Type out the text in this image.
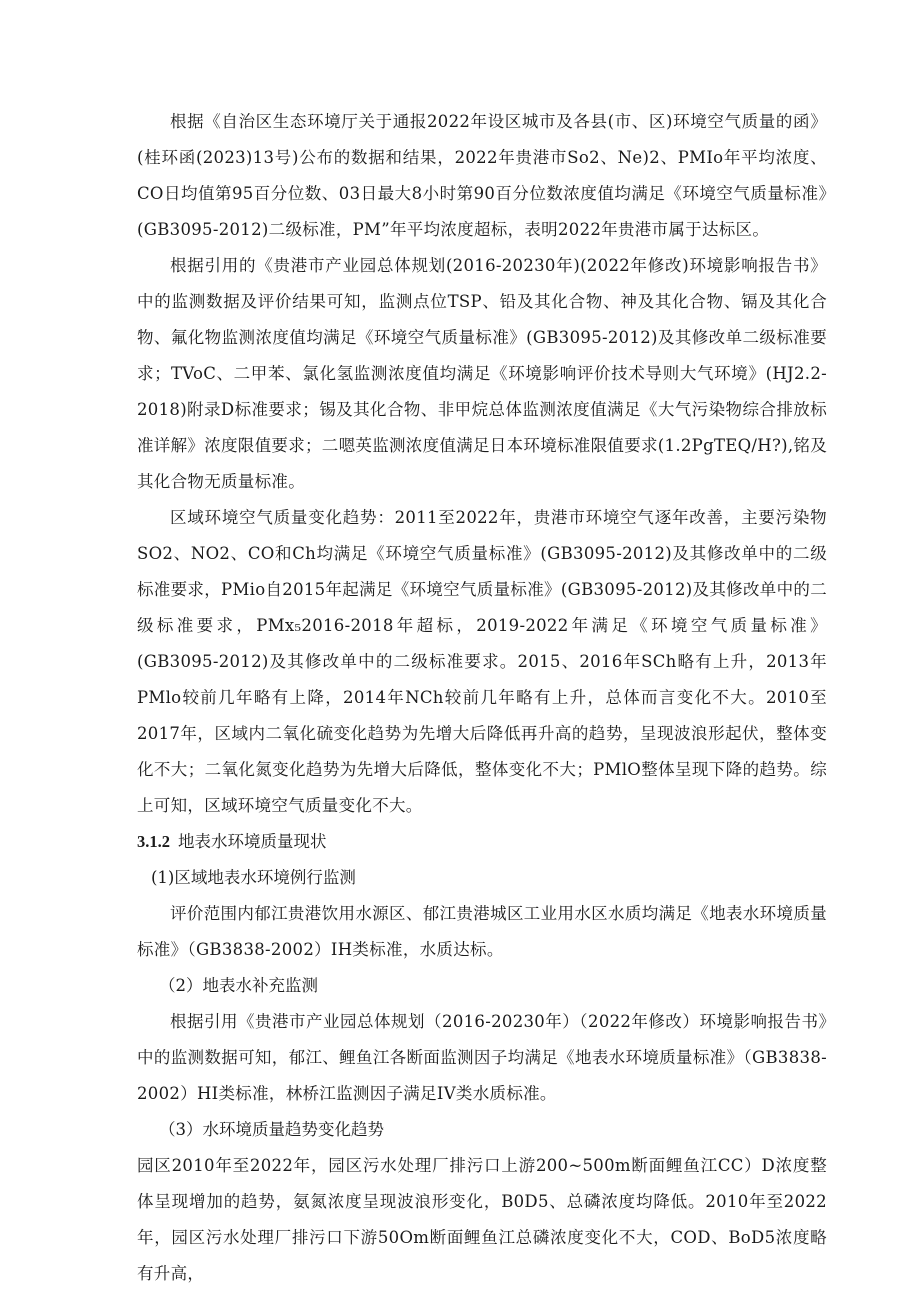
根据《自治区生态环境厅关于通报2022年设区城市及各县(市、区)环境空气质量的函》(桂环函(2023)13号)公布的数据和结果，2022年贵港市So2、Ne)2、PMIo年平均浓度、CO日均值第95百分位数、03日最大8小时第90百分位数浓度值均满足《环境空气质量标准》(GB3095-2012)二级标准，PM”年平均浓度超标，表明2022年贵港市属于达标区。

根据引用的《贵港市产业园总体规划(2016-20230年)(2022年修改)环境影响报告书》中的监测数据及评价结果可知，监测点位TSP、铅及其化合物、神及其化合物、镉及其化合物、氟化物监测浓度值均满足《环境空气质量标准》(GB3095-2012)及其修改单二级标准要求；TVoC、二甲苯、氯化氢监测浓度值均满足《环境影响评价技术导则大气环境》(HJ2.2-2018)附录D标准要求；锡及其化合物、非甲烷总体监测浓度值满足《大气污染物综合排放标准详解》浓度限值要求；二嗯英监测浓度值满足日本环境标准限值要求(1.2PgTEQ/H?),铭及其化合物无质量标准。

区域环境空气质量变化趋势：2011至2022年，贵港市环境空气逐年改善，主要污染物SO2、NO2、CO和Ch均满足《环境空气质量标准》(GB3095-2012)及其修改单中的二级标准要求，PMio自2015年起满足《环境空气质量标准》(GB3095-2012)及其修改单中的二级标准要求，PMx₅2016-2018年超标，2019-2022年满足《环境空气质量标准》(GB3095-2012)及其修改单中的二级标准要求。2015、2016年SCh略有上升，2013年PMlo较前几年略有上降，2014年NCh较前几年略有上升，总体而言变化不大。2010至2017年，区域内二氧化硫变化趋势为先增大后降低再升高的趋势，呈现波浪形起伏，整体变化不大；二氧化氮变化趋势为先增大后降低，整体变化不大；PMlO整体呈现下降的趋势。综上可知，区域环境空气质量变化不大。

3.1.2 地表水环境质量现状
(1)区域地表水环境例行监测

评价范围内郁江贵港饮用水源区、郁江贵港城区工业用水区水质均满足《地表水环境质量标准》（GB3838-2002）IH类标准，水质达标。

（2）地表水补充监测

根据引用《贵港市产业园总体规划（2016-20230年）（2022年修改）环境影响报告书》中的监测数据可知，郁江、鲤鱼江各断面监测因子均满足《地表水环境质量标准》（GB3838-2002）HI类标准，林桥江监测因子满足IV类水质标准。

（3）水环境质量趋势变化趋势

园区2010年至2022年，园区污水处理厂排污口上游200~500m断面鲤鱼江CC）D浓度整体呈现增加的趋势，氨氮浓度呈现波浪形变化，B0D5、总磷浓度均降低。2010年至2022年，园区污水处理厂排污口下游50Om断面鲤鱼江总磷浓度变化不大，COD、BoD5浓度略有升高，
